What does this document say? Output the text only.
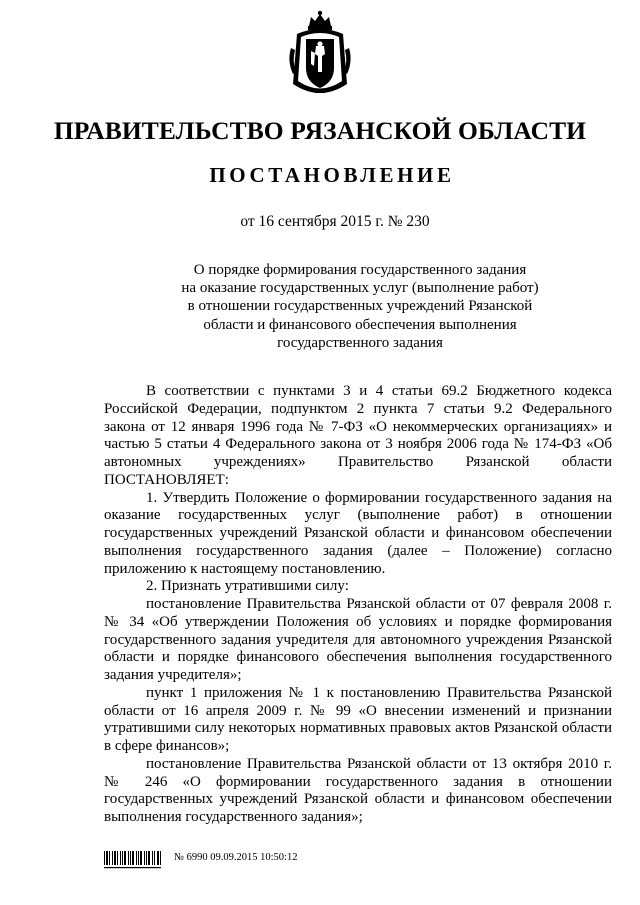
ПРАВИТЕЛЬСТВО РЯЗАНСКОЙ ОБЛАСТИ
ПОСТАНОВЛЕНИЕ
от 16 сентября 2015 г. № 230
О порядке формирования государственного задания
на оказание государственных услуг (выполнение работ)
в отношении государственных учреждений Рязанской
области и финансового обеспечения выполнения
государственного задания

В соответствии с пунктами 3 и 4 статьи 69.2 Бюджетного кодекса Российской Федерации, подпунктом 2 пункта 7 статьи 9.2 Федерального закона от 12 января 1996 года № 7-ФЗ «О некоммерческих организациях» и частью 5 статьи 4 Федерального закона от 3 ноября 2006 года № 174-ФЗ «Об автономных учреждениях» Правительство Рязанской области

ПОСТАНОВЛЯЕТ:

1. Утвердить Положение о формировании государственного задания на оказание государственных услуг (выполнение работ) в отношении государственных учреждений Рязанской области и финансовом обеспечении выполнения государственного задания (далее – Положение) согласно приложению к настоящему постановлению.

2. Признать утратившими силу:

постановление Правительства Рязанской области от 07 февраля 2008 г. № 34 «Об утверждении Положения об условиях и порядке формирования государственного задания учредителя для автономного учреждения Рязанской области и порядке финансового обеспечения выполнения государственного задания учредителя»;

пункт 1 приложения № 1 к постановлению Правительства Рязанской области от 16 апреля 2009 г. № 99 «О внесении изменений и признании утратившими силу некоторых нормативных правовых актов Рязанской области в сфере финансов»;

постановление Правительства Рязанской области от 13 октября 2010 г. № 246 «О формировании государственного задания в отношении государственных учреждений Рязанской области и финансовом обеспечении выполнения государственного задания»;

№ 6990 09.09.2015 10:50:12
